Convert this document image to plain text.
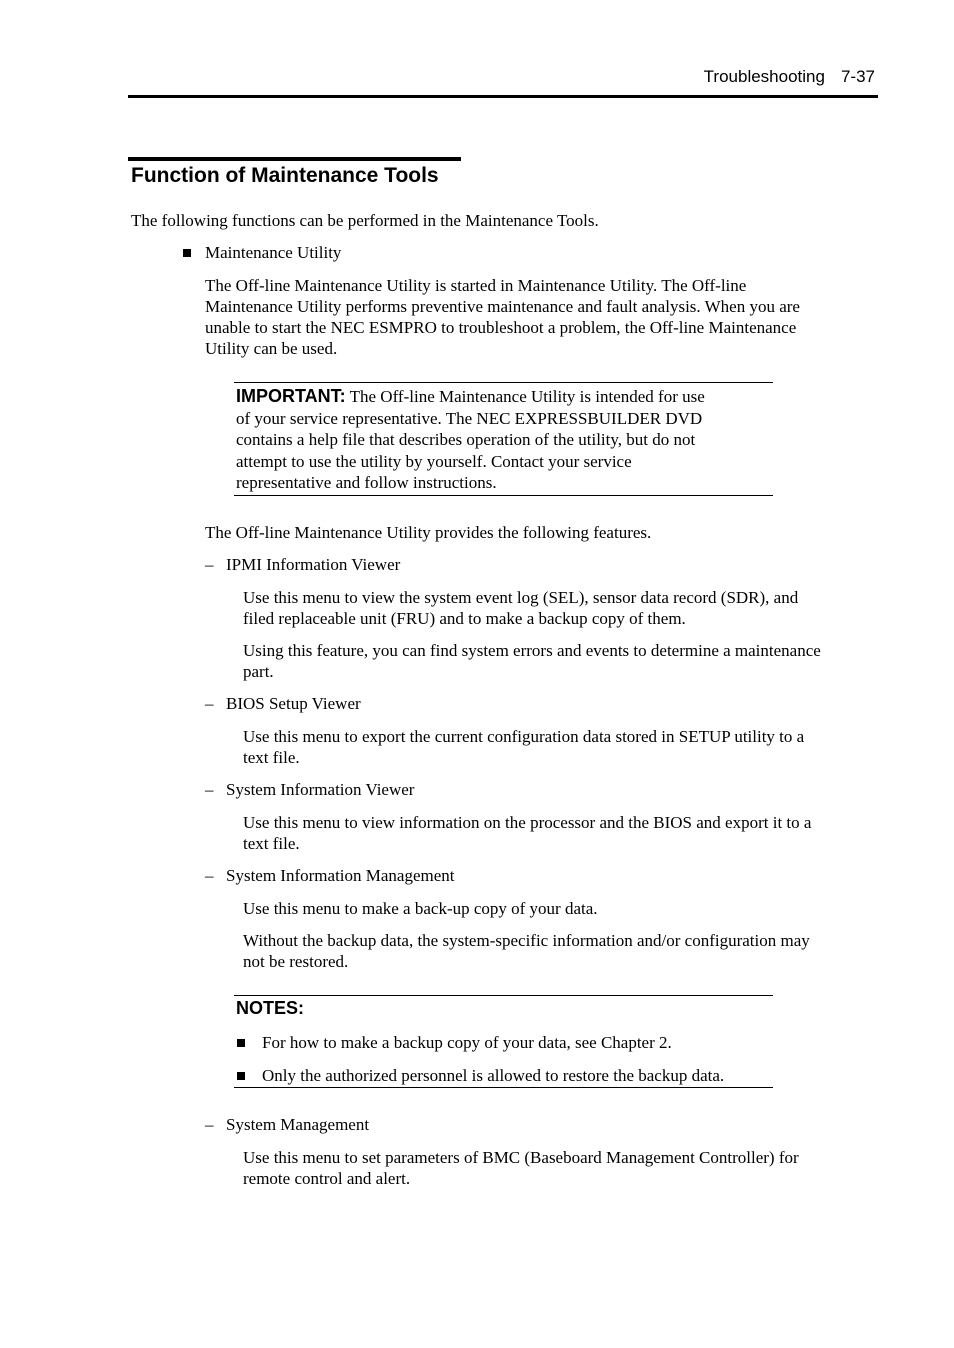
Troubleshooting 7-37
Function of Maintenance Tools

The following functions can be performed in the Maintenance Tools.

Maintenance Utility

The Off-line Maintenance Utility is started in Maintenance Utility. The Off-line
Maintenance Utility performs preventive maintenance and fault analysis. When you are
unable to start the NEC ESMPRO to troubleshoot a problem, the Off-line Maintenance
Utility can be used.
IMPORTANT: The Off-line Maintenance Utility is intended for use
of your service representative. The NEC EXPRESSBUILDER DVD
contains a help file that describes operation of the utility, but do not
attempt to use the utility by yourself. Contact your service
representative and follow instructions.

The Off-line Maintenance Utility provides the following features.

– IPMI Information Viewer
Use this menu to view the system event log (SEL), sensor data record (SDR), and
filed replaceable unit (FRU) and to make a backup copy of them.
Using this feature, you can find system errors and events to determine a maintenance
part.
– BIOS Setup Viewer
Use this menu to export the current configuration data stored in SETUP utility to a
text file.
– System Information Viewer
Use this menu to view information on the processor and the BIOS and export it to a
text file.
– System Information Management
Use this menu to make a back-up copy of your data.
Without the backup data, the system-specific information and/or configuration may
not be restored.
NOTES:
For how to make a backup copy of your data, see Chapter 2.
Only the authorized personnel is allowed to restore the backup data.
– System Management
Use this menu to set parameters of BMC (Baseboard Management Controller) for
remote control and alert.
